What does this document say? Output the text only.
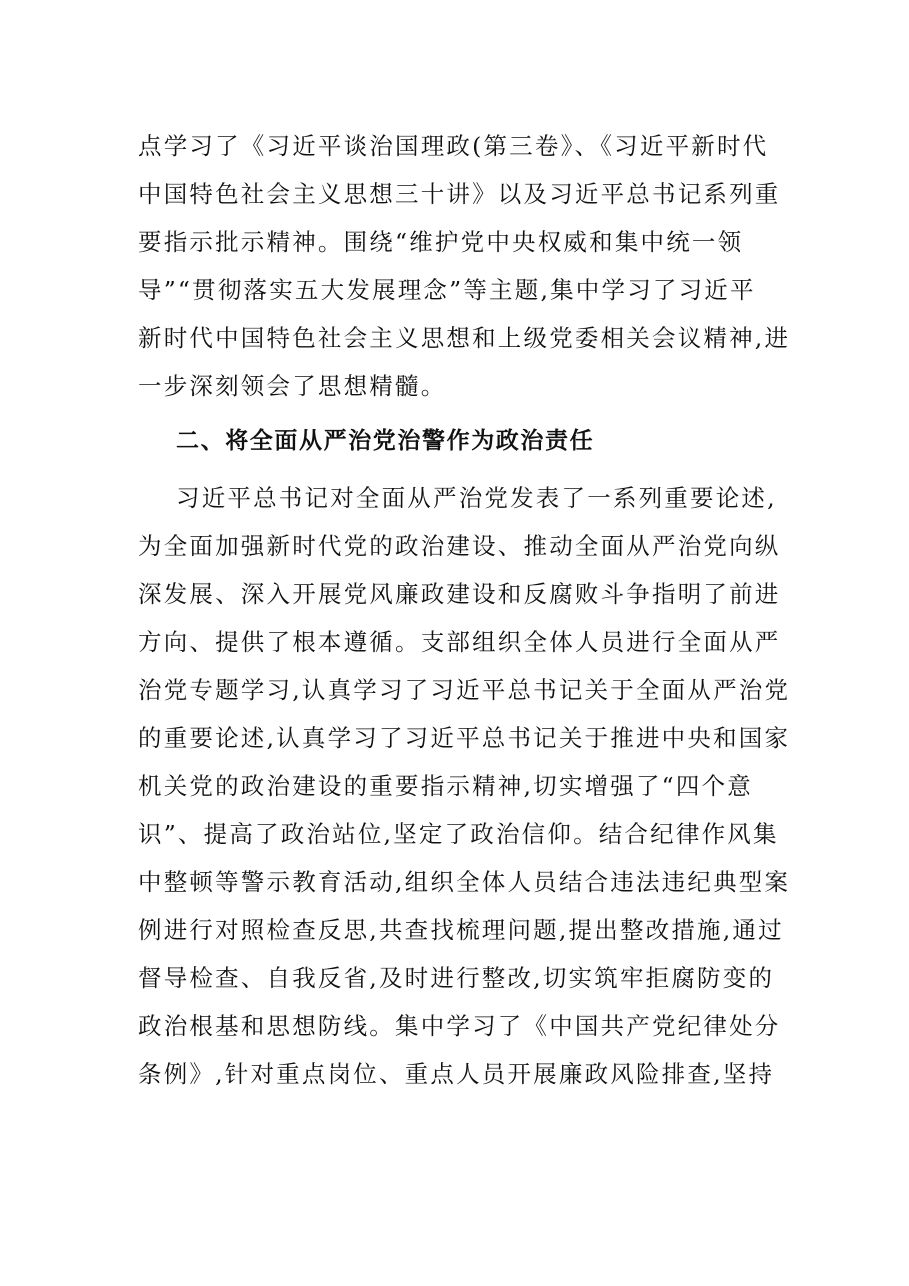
点学习了《习近平谈治国理政(第三卷》、《习近平新时代
中国特色社会主义思想三十讲》以及习近平总书记系列重
要指示批示精神。围绕“维护党中央权威和集中统一领
导”“贯彻落实五大发展理念”等主题,集中学习了习近平
新时代中国特色社会主义思想和上级党委相关会议精神,进
一步深刻领会了思想精髓。
二、将全面从严治党治警作为政治责任
习近平总书记对全面从严治党发表了一系列重要论述,
为全面加强新时代党的政治建设、推动全面从严治党向纵
深发展、深入开展党风廉政建设和反腐败斗争指明了前进
方向、提供了根本遵循。支部组织全体人员进行全面从严
治党专题学习,认真学习了习近平总书记关于全面从严治党
的重要论述,认真学习了习近平总书记关于推进中央和国家
机关党的政治建设的重要指示精神,切实增强了“四个意
识”、提高了政治站位,坚定了政治信仰。结合纪律作风集
中整顿等警示教育活动,组织全体人员结合违法违纪典型案
例进行对照检查反思,共查找梳理问题,提出整改措施,通过
督导检查、自我反省,及时进行整改,切实筑牢拒腐防变的
政治根基和思想防线。集中学习了《中国共产党纪律处分
条例》,针对重点岗位、重点人员开展廉政风险排查,坚持
